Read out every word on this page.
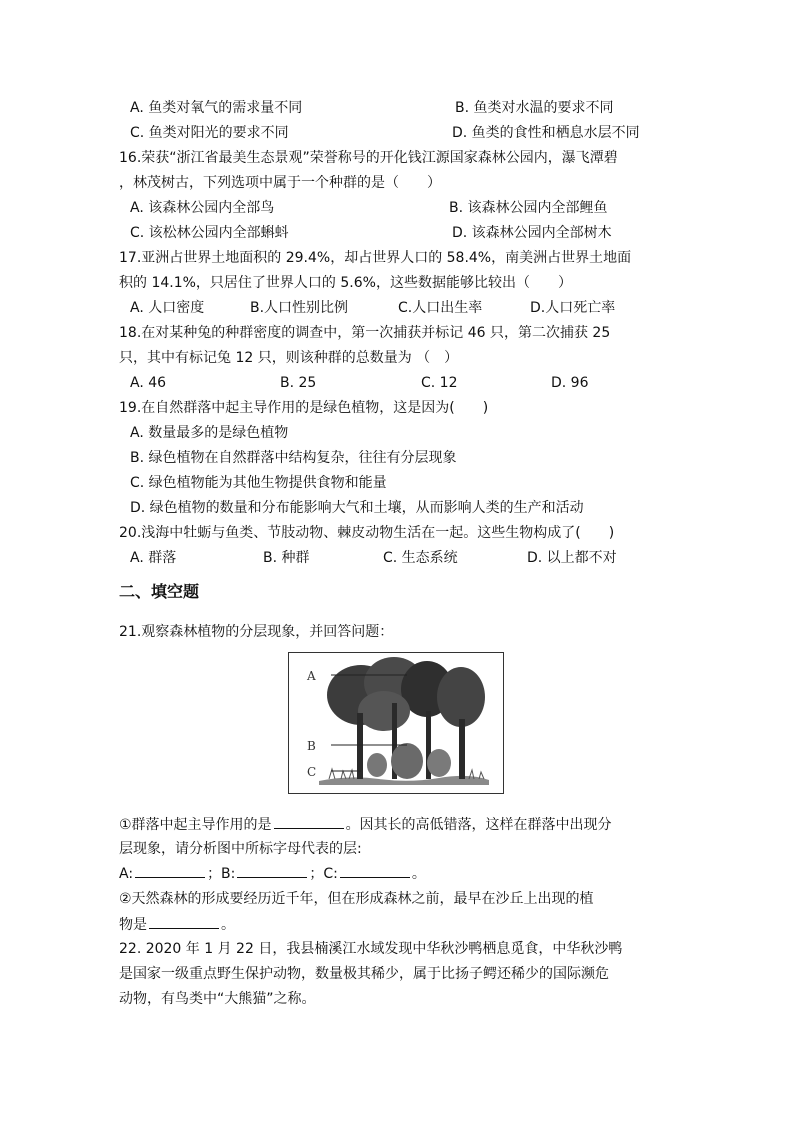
A. 鱼类对氧气的需求量不同	B. 鱼类对水温的要求不同
C. 鱼类对阳光的要求不同	D. 鱼类的食性和栖息水层不同
16.荣获“浙江省最美生态景观”荣誉称号的开化钱江源国家森林公园内，瀑飞潭碧
，林茂树古，下列选项中属于一个种群的是（　　）
A. 该森林公园内全部鸟	B. 该森林公园内全部鲤鱼
C. 该松林公园内全部蝌蚪	D. 该森林公园内全部树木
17.亚洲占世界土地面积的 29.4%，却占世界人口的 58.4%，南美洲占世界土地面
积的 14.1%，只居住了世界人口的 5.6%，这些数据能够比较出（　　）
A. 人口密度	B.人口性别比例	C.人口出生率	D.人口死亡率
18.在对某种兔的种群密度的调查中，第一次捕获并标记 46 只，第二次捕获 25
只，其中有标记兔 12 只，则该种群的总数量为 （　）
A. 46	B. 25	C. 12	D. 96
19.在自然群落中起主导作用的是绿色植物，这是因为(　　)
A. 数量最多的是绿色植物
B. 绿色植物在自然群落中结构复杂，往往有分层现象
C. 绿色植物能为其他生物提供食物和能量
D. 绿色植物的数量和分布能影响大气和土壤，从而影响人类的生产和活动
20.浅海中牡蛎与鱼类、节肢动物、棘皮动物生活在一起。这些生物构成了(　　)
A. 群落	B. 种群	C. 生态系统	D. 以上都不对
二、填空题
21.观察森林植物的分层现象，并回答问题：
A
B
C
①群落中起主导作用的是	。因其长的高低错落，这样在群落中出现分
层现象，请分析图中所标字母代表的层:
A:	；B:	；C:	。
②天然森林的形成要经历近千年，但在形成森林之前，最早在沙丘上出现的植
物是	。
22. 2020 年 1 月 22 日，我县楠溪江水域发现中华秋沙鸭栖息觅食，中华秋沙鸭
是国家一级重点野生保护动物，数量极其稀少，属于比扬子鳄还稀少的国际濒危
动物，有鸟类中“大熊猫”之称。
